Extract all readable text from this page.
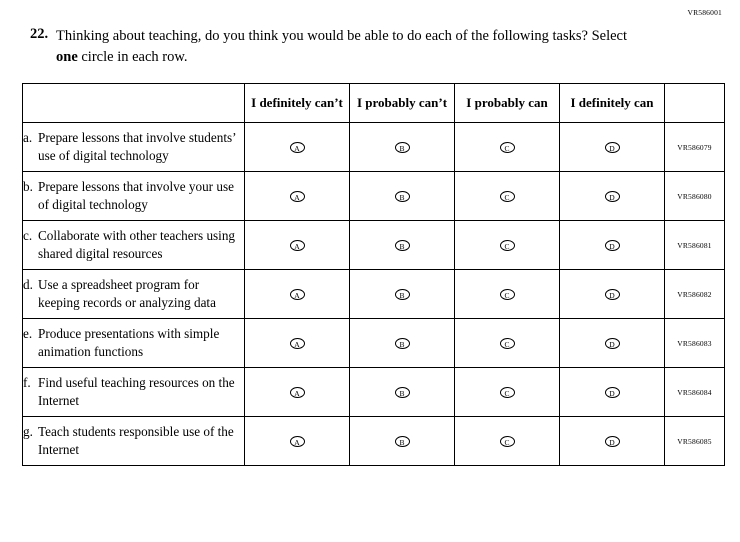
VR586001
22. Thinking about teaching, do you think you would be able to do each of the following tasks? Select one circle in each row.
	I definitely can’t	I probably can’t	I probably can	I definitely can	

a. Prepare lessons that involve students’ use of digital technology	A	B	C	D	VR586079

b. Prepare lessons that involve your use of digital technology	A	B	C	D	VR586080

c. Collaborate with other teachers using shared digital resources	A	B	C	D	VR586081

d. Use a spreadsheet program for keeping records or analyzing data	A	B	C	D	VR586082

e. Produce presentations with simple animation functions	A	B	C	D	VR586083

f. Find useful teaching resources on the Internet	A	B	C	D	VR586084

g. Teach students responsible use of the Internet	A	B	C	D	VR586085
